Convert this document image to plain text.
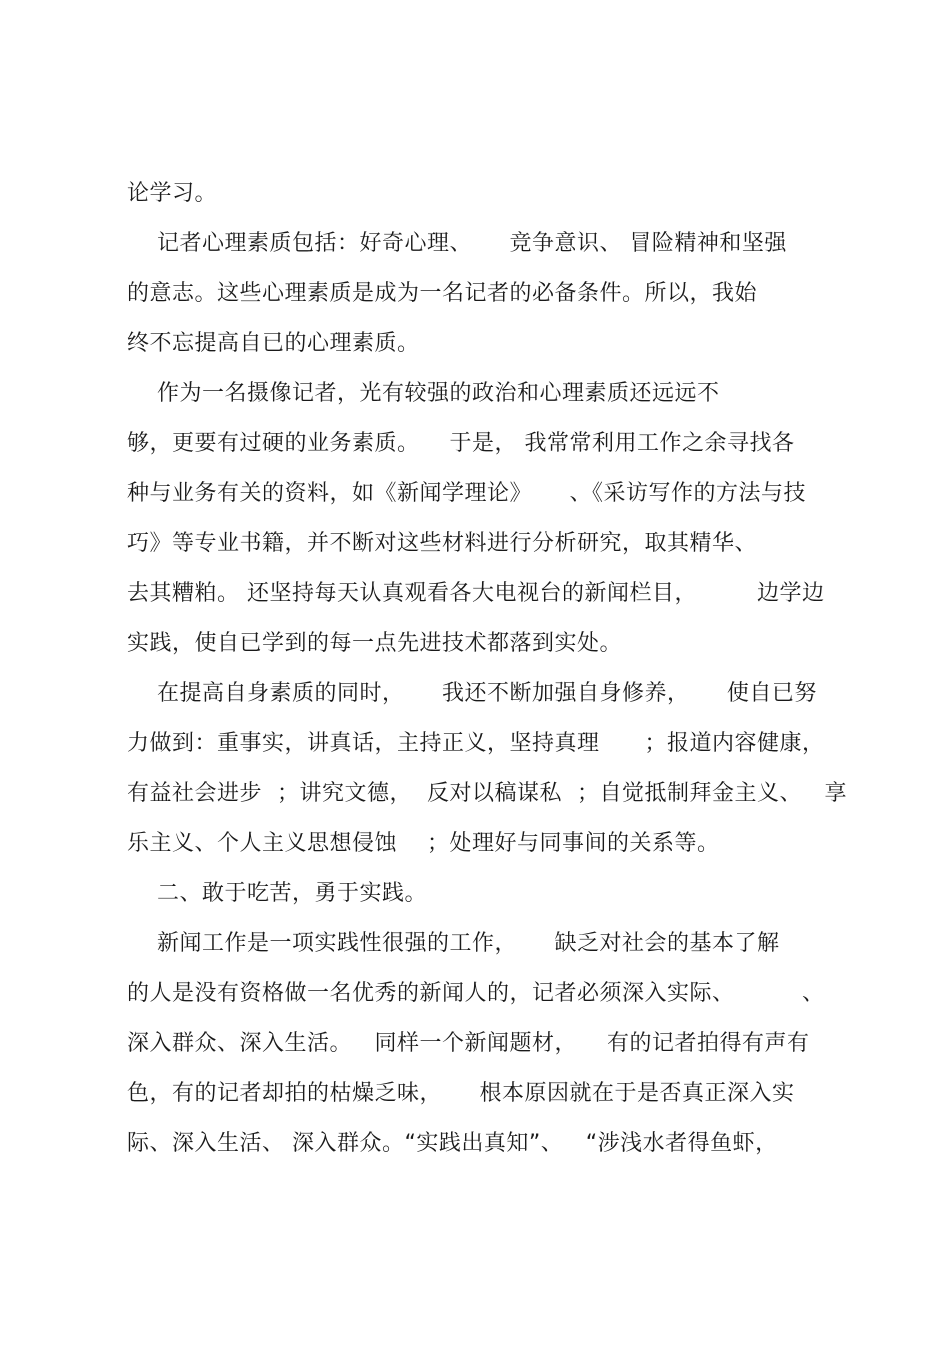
论学习。
记者心理素质包括：好奇心理、     竞争意识、 冒险精神和坚强
的意志。这些心理素质是成为一名记者的必备条件。所以，我始
终不忘提高自已的心理素质。
作为一名摄像记者，光有较强的政治和心理素质还远远不
够，更要有过硬的业务素质。    于是， 我常常利用工作之余寻找各
种与业务有关的资料，如《新闻学理论》     、《采访写作的方法与技
巧》等专业书籍，并不断对这些材料进行分析研究，取其精华、
去其糟粕。 还坚持每天认真观看各大电视台的新闻栏目，        边学边
实践，使自已学到的每一点先进技术都落到实处。
在提高自身素质的同时，     我还不断加强自身修养，     使自已努
力做到：重事实，讲真话，主持正义，坚持真理      ；报道内容健康，
有益社会进步  ；讲究文德，  反对以稿谋私  ；自觉抵制拜金主义、   享
乐主义、个人主义思想侵蚀    ；处理好与同事间的关系等。
二、敢于吃苦，勇于实践。
新闻工作是一项实践性很强的工作，     缺乏对社会的基本了解
的人是没有资格做一名优秀的新闻人的，记者必须深入实际、         、
深入群众、深入生活。   同样一个新闻题材，    有的记者拍得有声有
色，有的记者却拍的枯燥乏味，     根本原因就在于是否真正深入实
际、深入生活、 深入群众。“实践出真知”、   “涉浅水者得鱼虾，
